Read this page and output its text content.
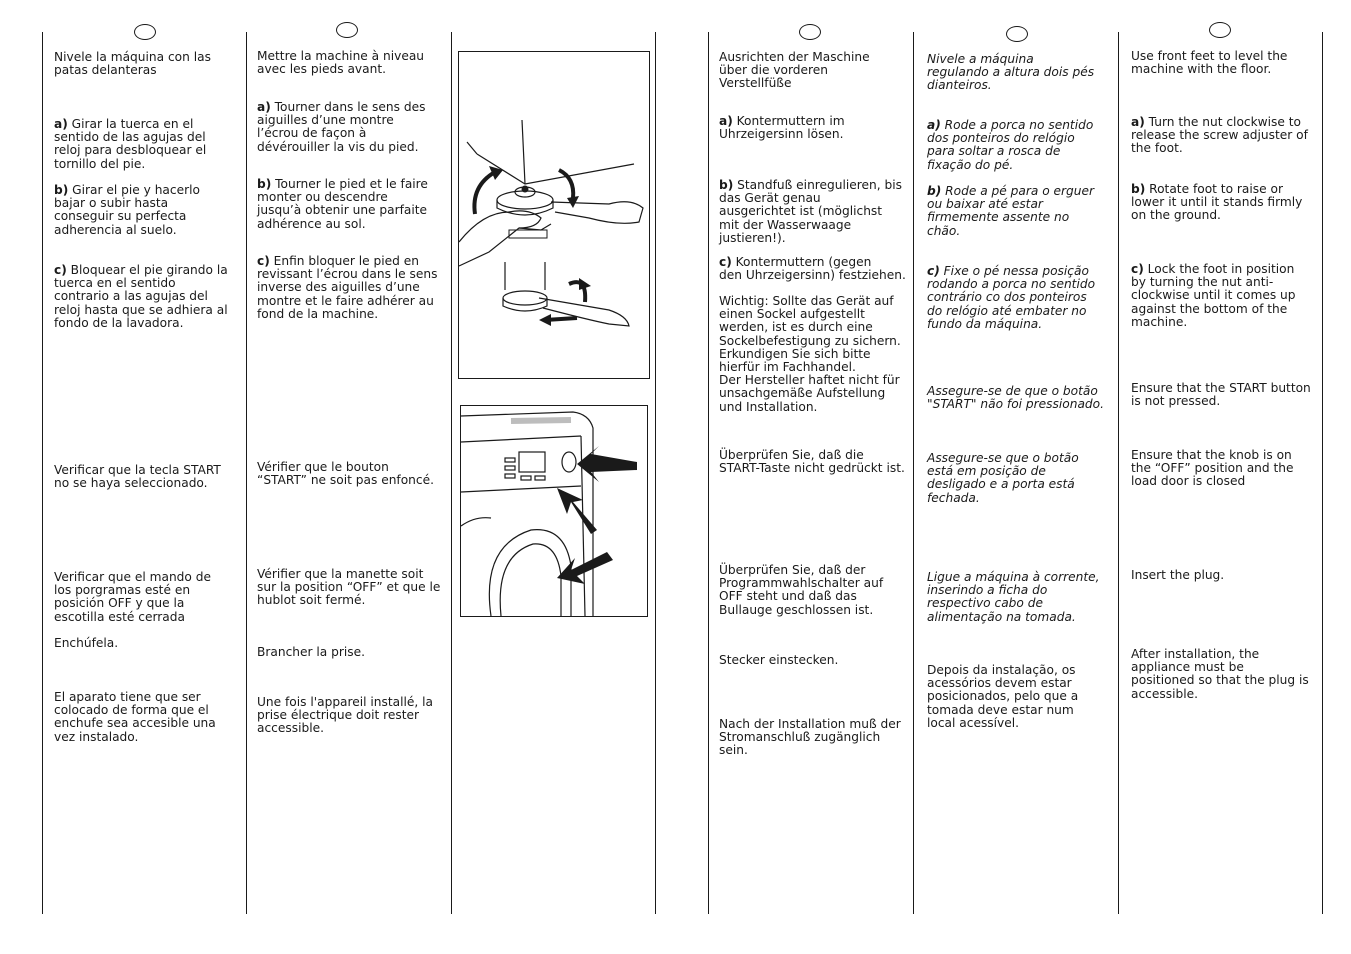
Nivele la máquina con las
patas delanteras

a) Girar la tuerca en el
sentido de las agujas del
reloj para desbloquear el
tornillo del pie.

b) Girar el pie y hacerlo
bajar o subir hasta
conseguir su perfecta
adherencia al suelo.

c) Bloquear el pie girando la
tuerca en el sentido
contrario a las agujas del
reloj hasta que se adhiera al
fondo de la lavadora.

Verificar que la tecla START
no se haya seleccionado.

Verificar que el mando de
los porgramas esté en
posición OFF y que la
escotilla esté cerrada

Enchúfela.

El aparato tiene que ser
colocado de forma que el
enchufe sea accesible una
vez instalado.

Mettre la machine à niveau
avec les pieds avant.

a) Tourner dans le sens des
aiguilles d’une montre
l’écrou de façon à
dévérouiller la vis du pied.

b) Tourner le pied et le faire
monter ou descendre
jusqu’à obtenir une parfaite
adhérence au sol.

c) Enfin bloquer le pied en
revissant l’écrou dans le sens
inverse des aiguilles d’une
montre et le faire adhérer au
fond de la machine.

Vérifier que le bouton
“START” ne soit pas enfoncé.

Vérifier que la manette soit
sur la position “OFF” et que le
hublot soit fermé.

Brancher la prise.

Une fois l'appareil installé, la
prise électrique doit rester
accessible.

Ausrichten der Maschine
über die vorderen
Verstellfüße

a) Kontermuttern im
Uhrzeigersinn lösen.

b) Standfuß einregulieren, bis
das Gerät genau
ausgerichtet ist (möglichst
mit der Wasserwaage
justieren!).

c) Kontermuttern (gegen
den Uhrzeigersinn) festziehen.

Wichtig: Sollte das Gerät auf
einen Sockel aufgestellt
werden, ist es durch eine
Sockelbefestigung zu sichern.
Erkundigen Sie sich bitte
hierfür im Fachhandel.
Der Hersteller haftet nicht für
unsachgemäße Aufstellung
und Installation.

Überprüfen Sie, daß die
START-Taste nicht gedrückt ist.

Überprüfen Sie, daß der
Programmwahlschalter auf
OFF steht und daß das
Bullauge geschlossen ist.

Stecker einstecken.

Nach der Installation muß der
Stromanschluß zugänglich
sein.

Nivele a máquina
regulando a altura dois pés
dianteiros.

a) Rode a porca no sentido
dos ponteiros do relógio
para soltar a rosca de
fixação do pé.

b) Rode a pé para o erguer
ou baixar até estar
firmemente assente no
chão.

c) Fixe o pé nessa posição
rodando a porca no sentido
contrário co dos ponteiros
do relógio até embater no
fundo da máquina.

Assegure-se de que o botão
"START" não foi pressionado.

Assegure-se que o botão
está em posição de
desligado e a porta está
fechada.

Ligue a máquina à corrente,
inserindo a ficha do
respectivo cabo de
alimentação na tomada.

Depois da instalação, os
acessórios devem estar
posicionados, pelo que a
tomada deve estar num
local acessível.

Use front feet to level the
machine with the floor.

a) Turn the nut clockwise to
release the screw adjuster of
the foot.

b) Rotate foot to raise or
lower it until it stands firmly
on the ground.

c) Lock the foot in position
by turning the nut anti-
clockwise until it comes up
against the bottom of the
machine.

Ensure that the START button
is not pressed.

Ensure that the knob is on
the “OFF” position and the
load door is closed

Insert the plug.

After installation, the
appliance must be
positioned so that the plug is
accessible.
